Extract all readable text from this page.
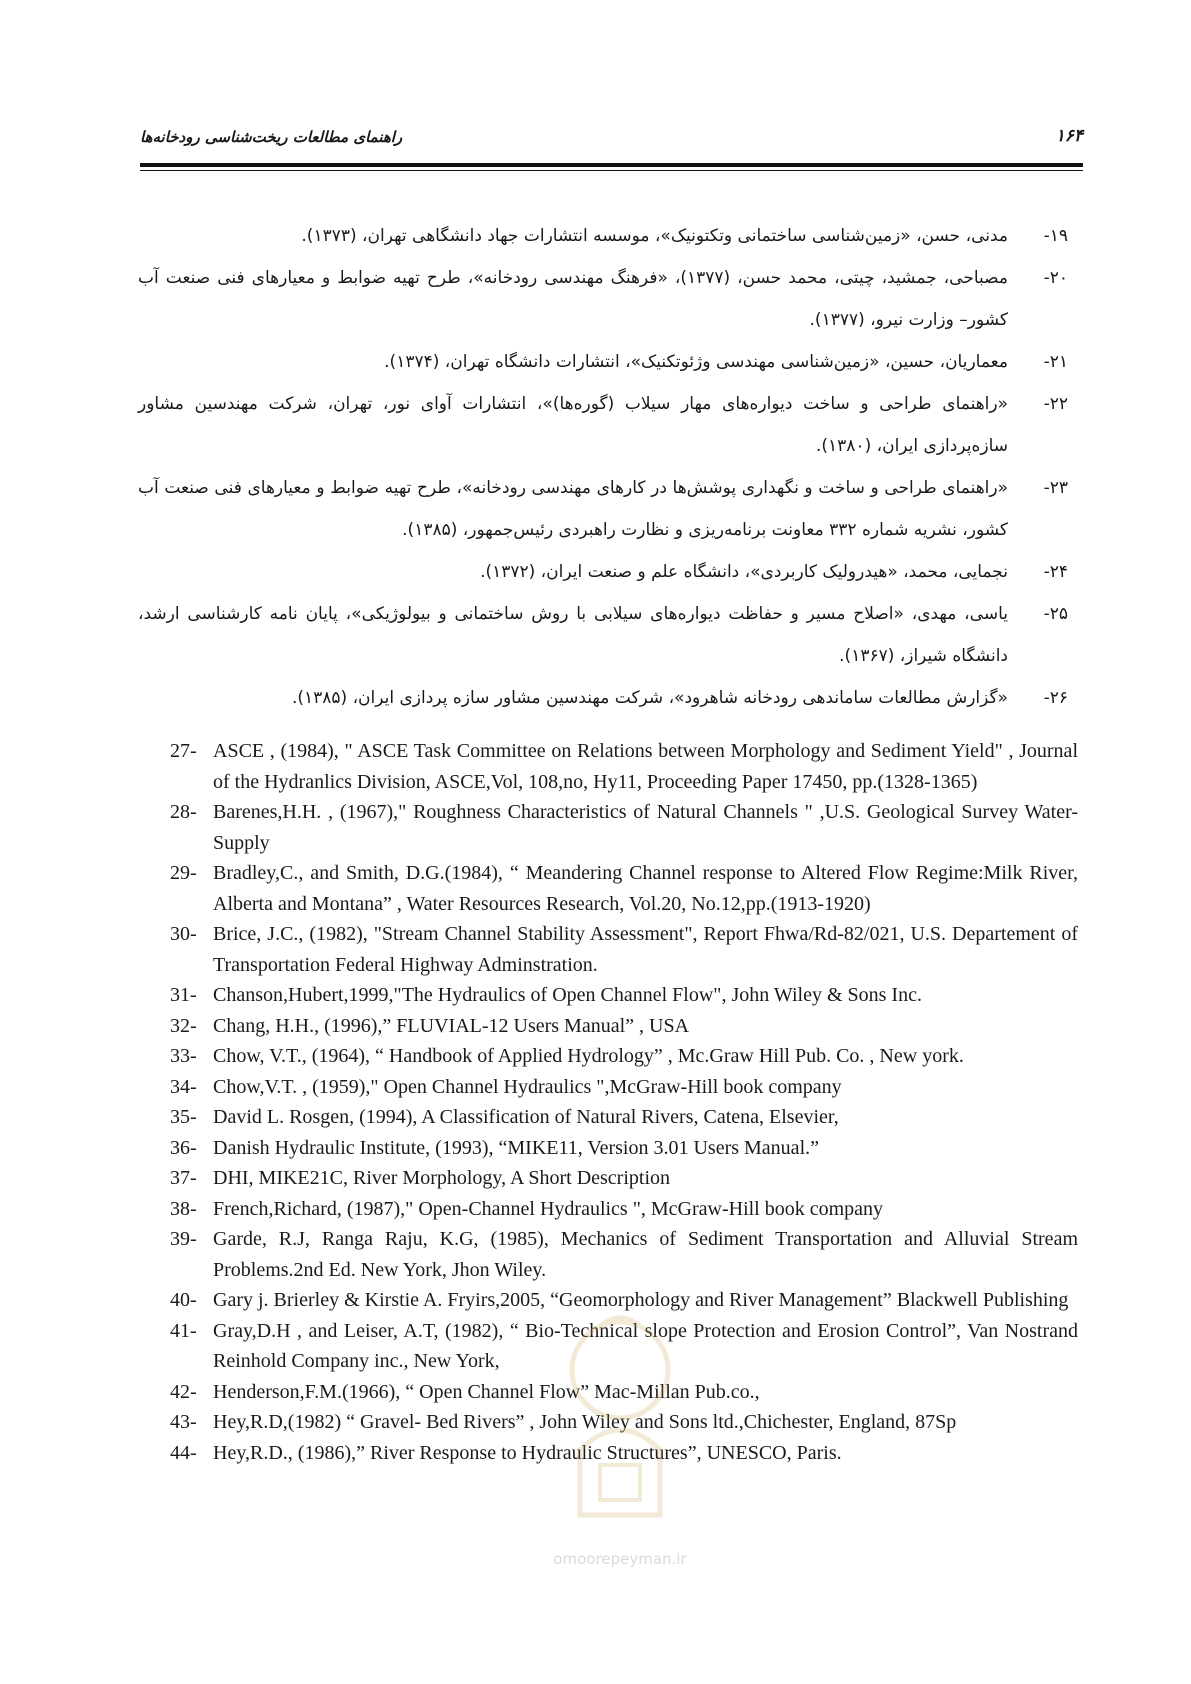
راهنمای مطالعات ریخت‌شناسی رودخانه‌ها	۱۶۴
۱۹-
مدنی، حسن، «زمین‌شناسی ساختمانی وتکتونیک»، موسسه انتشارات جهاد دانشگاهی تهران، (۱۳۷۳).
۲۰-
مصباحی، جمشید، چیتی، محمد حسن، (۱۳۷۷)، «فرهنگ مهندسی رودخانه»، طرح تهیه ضوابط و معیارهای فنی صنعت آب کشور– وزارت نیرو، (۱۳۷۷).
۲۱-
معماریان، حسین، «زمین‌شناسی مهندسی وژئوتکنیک»، انتشارات دانشگاه تهران، (۱۳۷۴).
۲۲-
«راهنمای طراحی و ساخت دیواره‌های مهار سیلاب (گوره‌ها)»، انتشارات آوای نور، تهران، شرکت مهندسین مشاور سازه‌پردازی ایران، (۱۳۸۰).
۲۳-
«راهنمای طراحی و ساخت و نگهداری پوشش‌ها در کارهای مهندسی رودخانه»، طرح تهیه ضوابط و معیارهای فنی صنعت آب کشور، نشریه شماره ۳۳۲ معاونت برنامه‌ریزی و نظارت راهبردی رئیس‌جمهور، (۱۳۸۵).
۲۴-
نجمایی، محمد، «هیدرولیک کاربردی»، دانشگاه علم و صنعت ایران، (۱۳۷۲).
۲۵-
یاسی، مهدی، «اصلاح مسیر و حفاظت دیواره‌های سیلابی با روش ساختمانی و بیولوژیکی»، پایان نامه کارشناسی ارشد، دانشگاه شیراز، (۱۳۶۷).
۲۶-
«گزارش مطالعات ساماندهی رودخانه شاهرود»، شرکت مهندسین مشاور سازه پردازی ایران، (۱۳۸۵).
27- ASCE , (1984), " ASCE Task Committee on Relations between Morphology and Sediment Yield" , Journal of the Hydranlics Division, ASCE,Vol, 108,no, Hy11, Proceeding Paper 17450, pp.(1328-1365)
28- Barenes,H.H. , (1967)," Roughness Characteristics of Natural Channels " ,U.S. Geological Survey Water-Supply
29- Bradley,C., and Smith, D.G.(1984), “ Meandering Channel response to Altered Flow Regime:Milk River, Alberta and Montana” , Water Resources Research, Vol.20, No.12,pp.(1913-1920)
30- Brice, J.C., (1982), "Stream Channel Stability Assessment", Report Fhwa/Rd-82/021, U.S. Departement of Transportation Federal Highway Adminstration.
31- Chanson,Hubert,1999,"The Hydraulics of Open Channel Flow", John Wiley & Sons Inc.
32- Chang, H.H., (1996),” FLUVIAL-12 Users Manual” , USA
33- Chow, V.T., (1964), “ Handbook of Applied Hydrology” , Mc.Graw Hill Pub. Co. , New york.
34- Chow,V.T. , (1959)," Open Channel Hydraulics ",McGraw-Hill book company
35- David L. Rosgen, (1994), A Classification of Natural Rivers, Catena, Elsevier,
36- Danish Hydraulic Institute, (1993), “MIKE11, Version 3.01 Users Manual.”
37- DHI, MIKE21C, River Morphology, A Short Description
38- French,Richard, (1987)," Open-Channel Hydraulics ", McGraw-Hill book company
39- Garde, R.J, Ranga Raju, K.G, (1985), Mechanics of Sediment Transportation and Alluvial Stream Problems.2nd Ed. New York, Jhon Wiley.
40- Gary j. Brierley & Kirstie A. Fryirs,2005, “Geomorphology and River Management” Blackwell Publishing
41- Gray,D.H , and Leiser, A.T, (1982), “ Bio-Technical slope Protection and Erosion Control”, Van Nostrand Reinhold Company inc., New York,
42- Henderson,F.M.(1966), “ Open Channel Flow” Mac-Millan Pub.co.,
43- Hey,R.D,(1982) “ Gravel- Bed Rivers” , John Wiley and Sons ltd.,Chichester, England, 87Sp
44- Hey,R.D., (1986),” River Response to Hydraulic Structures”, UNESCO, Paris.
omoorepeyman.ir
